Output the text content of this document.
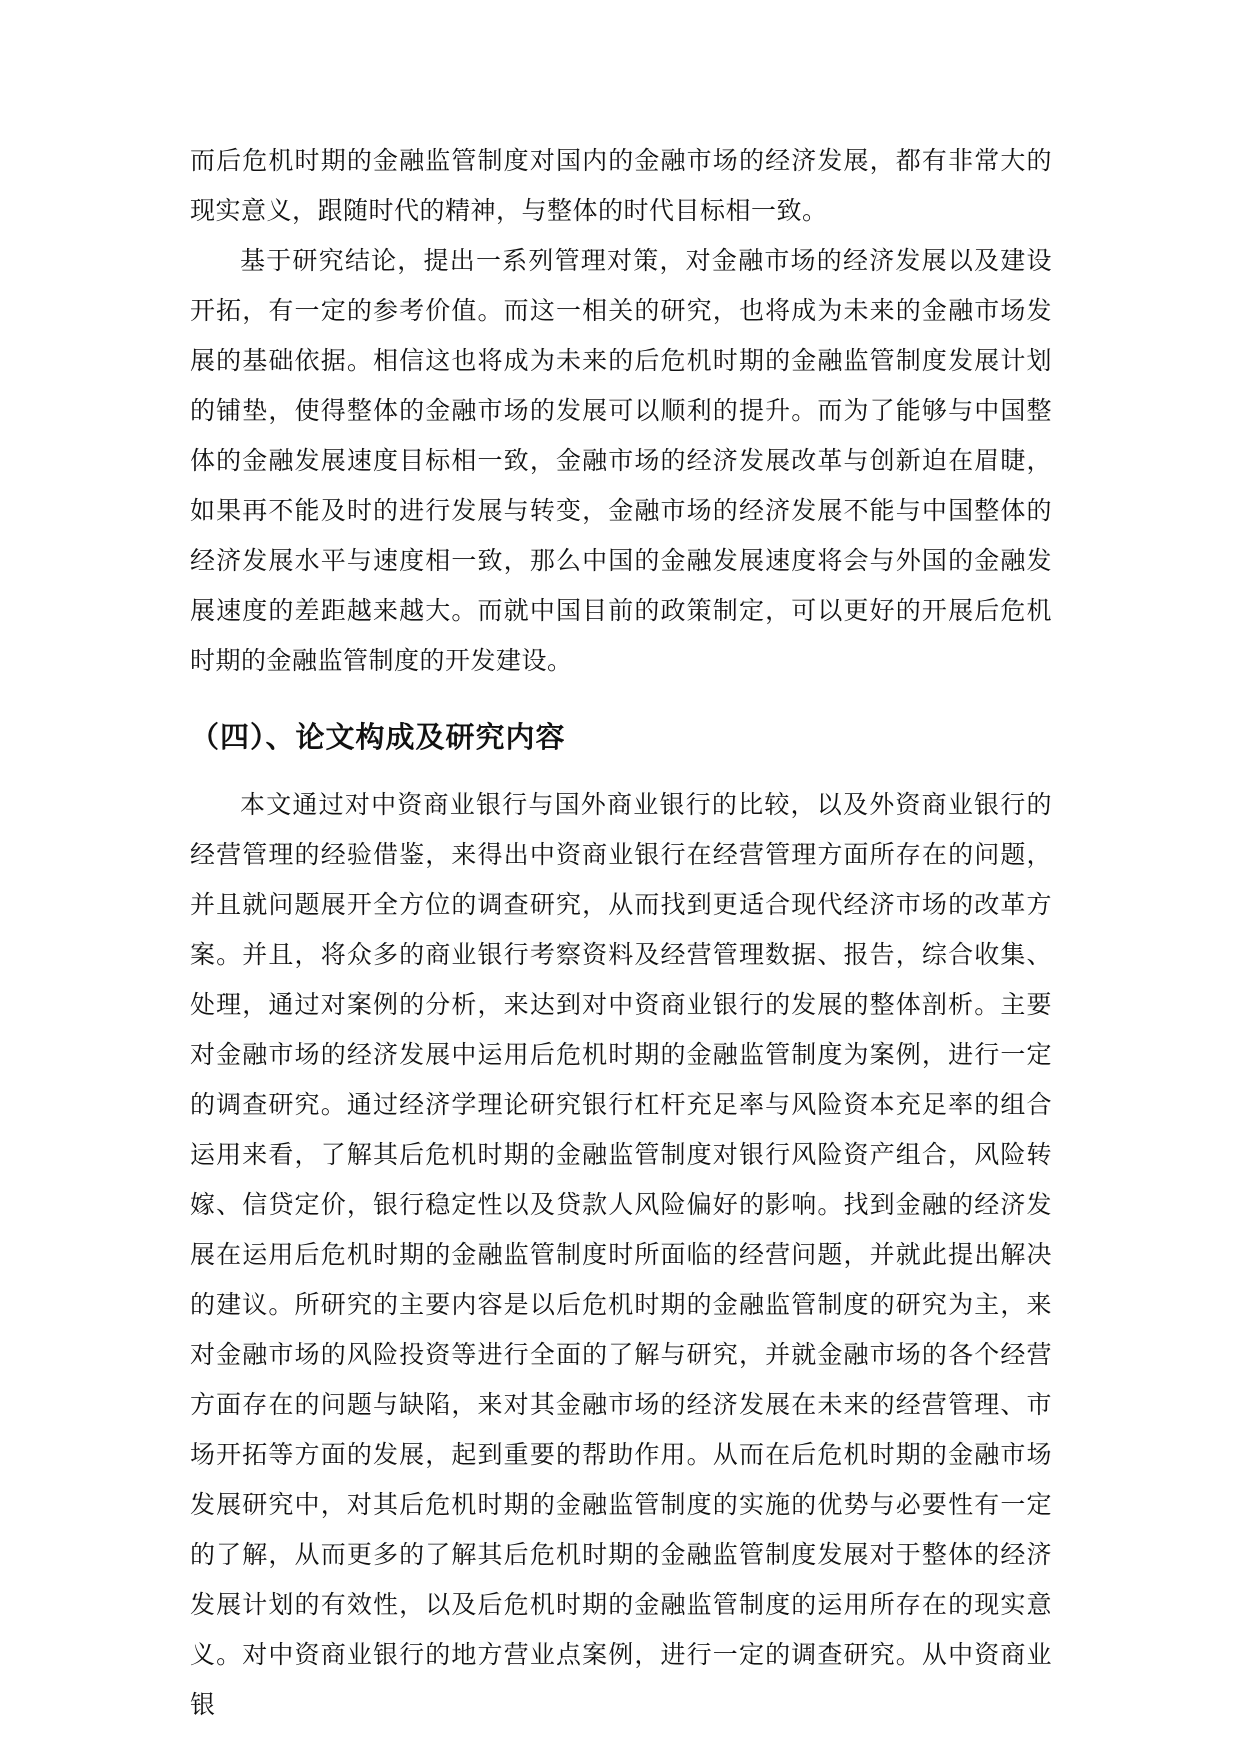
而后危机时期的金融监管制度对国内的金融市场的经济发展，都有非常大的现实意义，跟随时代的精神，与整体的时代目标相一致。

基于研究结论，提出一系列管理对策，对金融市场的经济发展以及建设开拓，有一定的参考价值。而这一相关的研究，也将成为未来的金融市场发展的基础依据。相信这也将成为未来的后危机时期的金融监管制度发展计划的铺垫，使得整体的金融市场的发展可以顺利的提升。而为了能够与中国整体的金融发展速度目标相一致，金融市场的经济发展改革与创新迫在眉睫，如果再不能及时的进行发展与转变，金融市场的经济发展不能与中国整体的经济发展水平与速度相一致，那么中国的金融发展速度将会与外国的金融发展速度的差距越来越大。而就中国目前的政策制定，可以更好的开展后危机时期的金融监管制度的开发建设。

（四）、论文构成及研究内容

本文通过对中资商业银行与国外商业银行的比较，以及外资商业银行的经营管理的经验借鉴，来得出中资商业银行在经营管理方面所存在的问题，并且就问题展开全方位的调查研究，从而找到更适合现代经济市场的改革方案。并且，将众多的商业银行考察资料及经营管理数据、报告，综合收集、处理，通过对案例的分析，来达到对中资商业银行的发展的整体剖析。主要对金融市场的经济发展中运用后危机时期的金融监管制度为案例，进行一定的调查研究。通过经济学理论研究银行杠杆充足率与风险资本充足率的组合运用来看，了解其后危机时期的金融监管制度对银行风险资产组合，风险转嫁、信贷定价，银行稳定性以及贷款人风险偏好的影响。找到金融的经济发展在运用后危机时期的金融监管制度时所面临的经营问题，并就此提出解决的建议。所研究的主要内容是以后危机时期的金融监管制度的研究为主，来对金融市场的风险投资等进行全面的了解与研究，并就金融市场的各个经营方面存在的问题与缺陷，来对其金融市场的经济发展在未来的经营管理、市场开拓等方面的发展，起到重要的帮助作用。从而在后危机时期的金融市场发展研究中，对其后危机时期的金融监管制度的实施的优势与必要性有一定的了解，从而更多的了解其后危机时期的金融监管制度发展对于整体的经济发展计划的有效性，以及后危机时期的金融监管制度的运用所存在的现实意义。对中资商业银行的地方营业点案例，进行一定的调查研究。从中资商业银
